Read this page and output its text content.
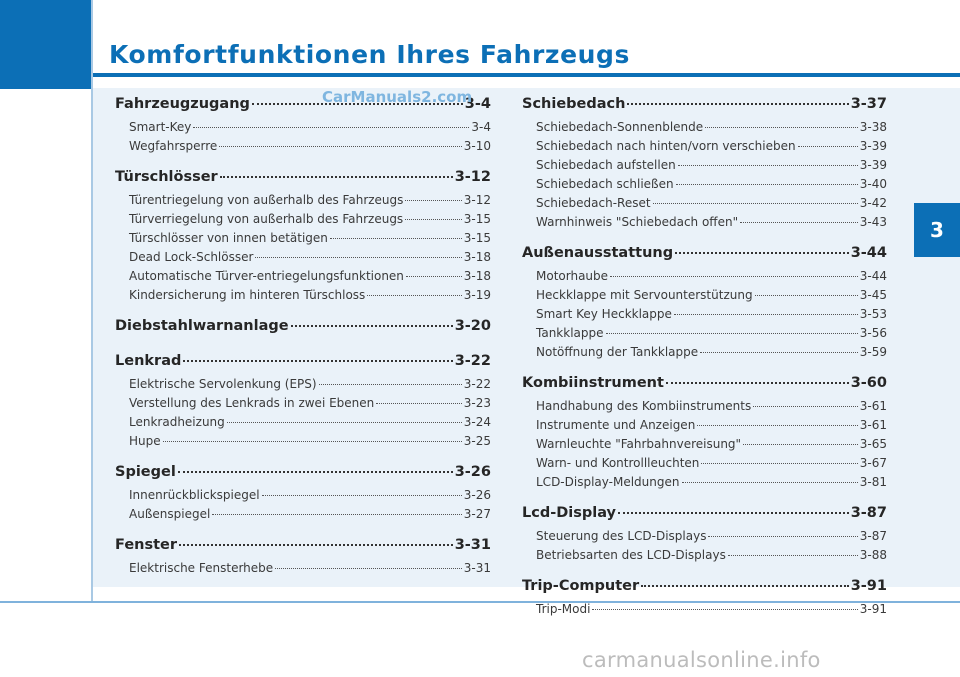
Komfortfunktionen Ihres Fahrzeugs
3
Fahrzeugzugang	3-4
Smart-Key	3-4
Wegfahrsperre	3-10
Türschlösser	3-12
Türentriegelung von außerhalb des Fahrzeugs	3-12
Türverriegelung von außerhalb des Fahrzeugs	3-15
Türschlösser von innen betätigen	3-15
Dead Lock-Schlösser	3-18
Automatische Türver-entriegelungsfunktionen	3-18
Kindersicherung im hinteren Türschloss	3-19
Diebstahlwarnanlage	3-20
Lenkrad	3-22
Elektrische Servolenkung (EPS)	3-22
Verstellung des Lenkrads in zwei Ebenen	3-23
Lenkradheizung	3-24
Hupe	3-25
Spiegel	3-26
Innenrückblickspiegel	3-26
Außenspiegel	3-27
Fenster	3-31
Elektrische Fensterhebe	3-31
Schiebedach	3-37
Schiebedach-Sonnenblende	3-38
Schiebedach nach hinten/vorn verschieben	3-39
Schiebedach aufstellen	3-39
Schiebedach schließen	3-40
Schiebedach-Reset	3-42
Warnhinweis "Schiebedach offen"	3-43
Außenausstattung	3-44
Motorhaube	3-44
Heckklappe mit Servounterstützung	3-45
Smart Key Heckklappe	3-53
Tankklappe	3-56
Notöffnung der Tankklappe	3-59
Kombiinstrument	3-60
Handhabung des Kombiinstruments	3-61
Instrumente und Anzeigen	3-61
Warnleuchte "Fahrbahnvereisung"	3-65
Warn- und Kontrollleuchten	3-67
LCD-Display-Meldungen	3-81
Lcd-Display	3-87
Steuerung des LCD-Displays	3-87
Betriebsarten des LCD-Displays	3-88
Trip-Computer	3-91
Trip-Modi	3-91
CarManuals2.com
carmanualsonline.info
